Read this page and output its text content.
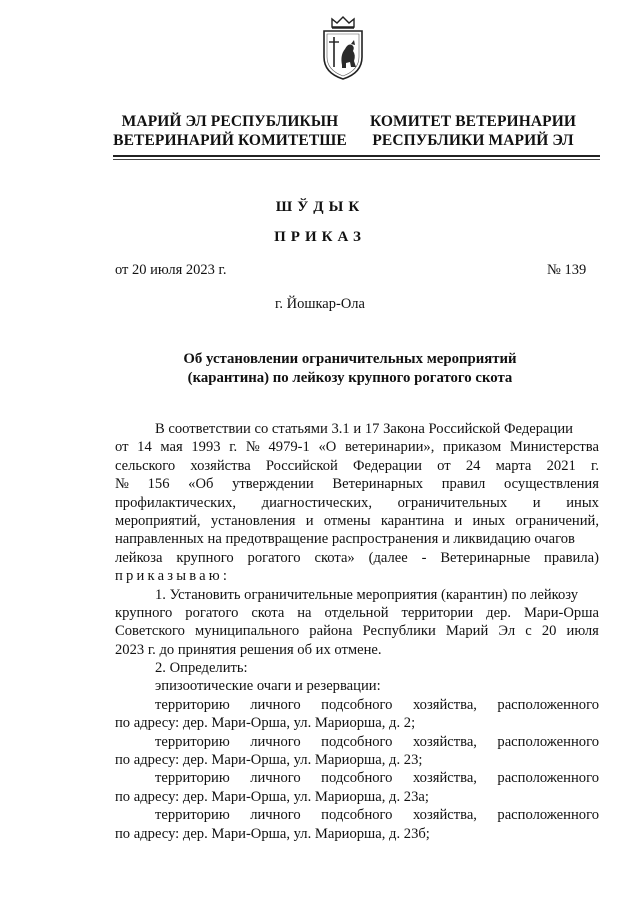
МАРИЙ ЭЛ РЕСПУБЛИКЫН
ВЕТЕРИНАРИЙ КОМИТЕТШЕ
КОМИТЕТ ВЕТЕРИНАРИИ
РЕСПУБЛИКИ МАРИЙ ЭЛ
ШЎДЫК
ПРИКАЗ
от 20 июля 2023 г.	№ 139
г. Йошкар-Ола
Об установлении ограничительных мероприятий
(карантина) по лейкозу крупного рогатого скота
В соответствии со статьями 3.1 и 17 Закона Российской Федерации
от 14 мая 1993 г. № 4979-1 «О ветеринарии», приказом Министерства
сельского хозяйства Российской Федерации от 24 марта 2021 г.
№ 156 «Об утверждении Ветеринарных правил осуществления
профилактических, диагностических, ограничительных и иных
мероприятий, установления и отмены карантина и иных ограничений,
направленных на предотвращение распространения и ликвидацию очагов
лейкоза крупного рогатого скота» (далее - Ветеринарные правила)
приказываю:
1. Установить ограничительные мероприятия (карантин) по лейкозу
крупного рогатого скота на отдельной территории дер. Мари-Орша
Советского муниципального района Республики Марий Эл с 20 июля
2023 г. до принятия решения об их отмене.
2. Определить:
эпизоотические очаги и резервации:
территорию личного подсобного хозяйства, расположенного
по адресу: дер. Мари-Орша, ул. Мариорша, д. 2;
территорию личного подсобного хозяйства, расположенного
по адресу: дер. Мари-Орша, ул. Мариорша, д. 23;
территорию личного подсобного хозяйства, расположенного
по адресу: дер. Мари-Орша, ул. Мариорша, д. 23а;
территорию личного подсобного хозяйства, расположенного
по адресу: дер. Мари-Орша, ул. Мариорша, д. 23б;
